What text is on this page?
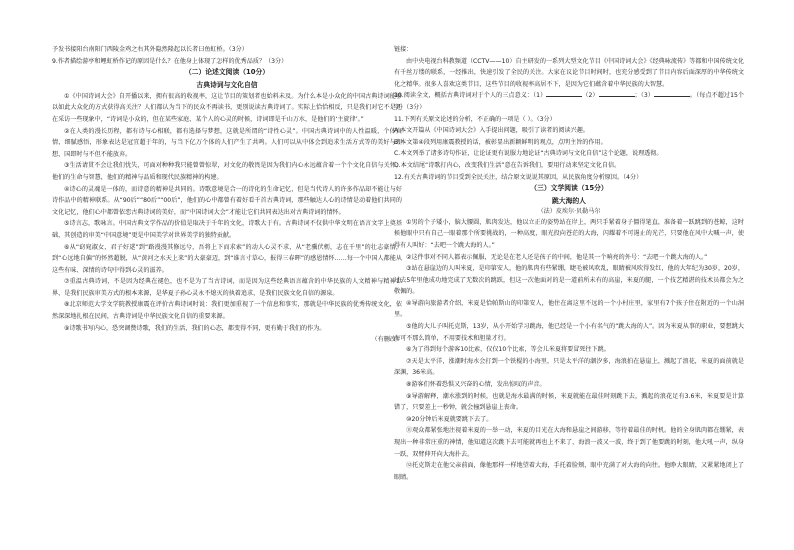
予发书接阳台南阳门西陵金鸡之右其外隐然隆起以长者曰鱼虹桥。（3分）

9.作者描绘游亭和鲤虹桥作记的原因是什么？在他身上体现了怎样的优秀品质？（3分）

（二）论述文阅读（10分）

古典诗词与文化自信

①《中国诗词大会》自开播以来，拥有很高的收视率，这让节目的策划者也始料未及。为什么本是小众化的中国古典诗词能够以如此大众化的方式获得高关注？人们都认为当下的民众不再读书，更别说读古典诗词了。实际上恰恰相反，只是我们对它不是还在采访一些现象中，“诗词是小众的，但在某些家庭、某个人的心灵的时候，诗词即是千山万水，是他们的‘主旋律’。”

②在人类的漫长历程，都有诗与心相联，都有选择与梦想，这就是所谓的“诗性心灵”。中国古典诗词中的人性温暖，个体真情，细腻感悟，形象表达是冠宜超于年的，与当下亿万个体的人们产生了共鸣。人们可以从中体会到追求生活方式等的美好与理想，国即时与不但不能放弃。

③生活请贯不会让我们忧失，可面对种种我只能曾曾惊翠，对文化的敬畏是因为我们内心永远蕴含着一个个文化自信与关怀，他们的生命与智慧，他们的精神与品质和现代民族精神的构建。

④诗心的灵魂是一体的，而诗意的精神是共同的。诗歌意境是合一的诗化的生命记忆，但是当代诗人的许多作品却不能让与好诗作品中的精神联系。从“90后”“80后”“00后”，他们的心中都曾有着好看千首古典诗词，那些触达人心的诗情是动着他们共同的文化记忆，他们心中都曾依恋古典诗词的美好，而“中国诗词大会”才能让它们共同表达出对古典诗词的情怀。

⑤诗言志，歌咏言。中国古典文学作品的价值是取决于千年的文化，诗歌大于有。古典诗词不仅供中华文明在语言文字上奠基础，其创造的审美“中国意境”更是中国美学对世界美学的独特贡献。

⑥从“窈窕淑女，君子好逑”到“路漫漫其修远兮，吾将上下而求索”的动人心灵不求，从“老骥伏枥，志在千里”的壮志豪情，到“心远地自偏”的怀然超脱，从“黄河之水天上来”的大豪豪迈，到“谁言寸草心，报得三春晖”的感恩情怀……每一个中国人都能从这些有味、深情的诗句中得到心灵的滋养。

⑦重温古典诗词，不是因为经典在褪色，也不是为了当古诗词，而是因为这些经典语言蕴含的中华民族的人文精神与精神世界，是我们民族审美方式的根本来源，是华夏子孙心灵永不熄灭的执着追求，是我们民族文化自信的源泉。

⑧北京师范大学文学院教授康震在评价古典诗词时说：我们更加重视了一个信息和事实，那就是中华民族的优秀传统文化，依然深深地扎根在民间，古典诗词是中华民族文化自信的重要来源。

⑨诗歌书写内心，恐突调赞诗歌，我们的生活，我们的心态，都变得不同，更有勤于我们的作为。

（有删改）

链接：

由中央电视台科教频道（CCTV——10）自主研发的一系列大型文化节目《中国诗词大会》《经典咏流传》等都和中国传统文化有千丝万缕的联系，一经推出，快速引发了全民的关注。大家在议论节目时间时，也充分感受到了节目内容后面深厚的中华传统文化之精华。很多人喜欢这类节目，这些节目的收视率高居不下，是因为它们蕴含着中华民族的大智慧。

10.阅读全文，概括古典诗词对于个人的三点意义：（1）	（2）	；（3）	。（每点不超过15个字）（3分）

11.下列有关原文论述的分析，不正确的一项是（ ）。（3分）

A.本文开篇从《中国诗词大会》入手提出问题，吸引了读者的阅读兴趣。

B.本文第④段列用康震教授的话，被彰显出新颖鲜明的观点，点明主旨的作用。

C.本文列举了诸多诗句作证，让论证更有说服力地论证“古典诗词与文化自信”这个论题，说理透彻。

D.本文结尾“诗歌打内心，改变我们生活”意在告诉我们，要用行动来坚定文化自信。

12.有关古典诗词的节目受到全民关注，结合原文说说其原因，从民族角度分析原因。（4分）

（三）文学阅读（15分）

跳大海的人

（法）皮埃尔·贝勒马尔

①男的个子矮小，脑大腰圆，肌肉发达，他以立正的姿势站在岸上，两只手紧着身子僵得笔直，准备着一跃跳到的苍鲸，这时候他眼中只有自己一眼着那个所要挑战的，一种高度，眼光投向苍茫的大海，闪耀着不可遏止的光芒，只要他在风中大喊一声，使得有人叫好：“去吧一个跳大海的人。”

②这件事对不同人都表示佩服，无论是在老人还是孩子的中间，他是其一个响亮的外号：“去吧一个跳大海的人。”

③站在悬崖边的人叫米夏，是印第安人，他的肌肉有些紧绷，睫毛被风吹乱，眼睛被风吹得发红，他的大年纪为30岁，20岁，过去5年里他成功地完成了无数次的跳跃，但这一次他面对的是一道前所未有的高崖，米夏的腿，一个技艺精湛的技术员都会为之敬佩的。

④导游向旅游者介绍，米夏是恰帕斯山的印第安人，他住在离这里不远的一个小村庄里，家里有7个孩子住在附近的一个山洞里。

⑤他的大儿子叫托克斯，13岁，从小开始学习跳海，他已经是一个小有名气的“跳大海的人”。因为米夏从事的职业，要想跳大海可不那么简单，不用要技术和胆量才行。

⑥为了得到每个游客10比索，仅仅10个比索，等会儿米夏将要冒死往下跳。

⑦天是太平洋，涨潮时海水会打到一个铁棍的小海里，只是太平洋的潮汐多，海浪拍在悬崖上，溅起了浪花，米夏的面前就是深渊，36米高。

⑧游客们怀着恐惧又兴奋的心情，发出惊叹的声音。

⑨导游解释，潮水涨到的时候，也就是海水最满的时候，米夏就能在最佳时刻跳下去，溅起的浪花足有3.6米，米夏要是计算错了，只要差上一秒钟，就会撞到悬崖上丧命。

⑩20分钟后米夏就要跳下去了。

⑪观众都紧张地注视着米夏的一举一动，米夏的目光在大海和悬崖之间游移，等待着最佳的时机。他的全身肌肉都在绷紧，表现出一种非常庄重的神情，他知道这次跳下去可能就再也上不来了，海浪一波又一波，终于到了他要跳的时刻，他大吼一声，纵身一跃，双臂伸开向大海扑去。

⑫托克斯走在他父亲前面，像他那样一样地望着大海，手托着脸颊，眼中充满了对大海的向往。他睁大眼睛，又紧紧地闭上了眼睛。
